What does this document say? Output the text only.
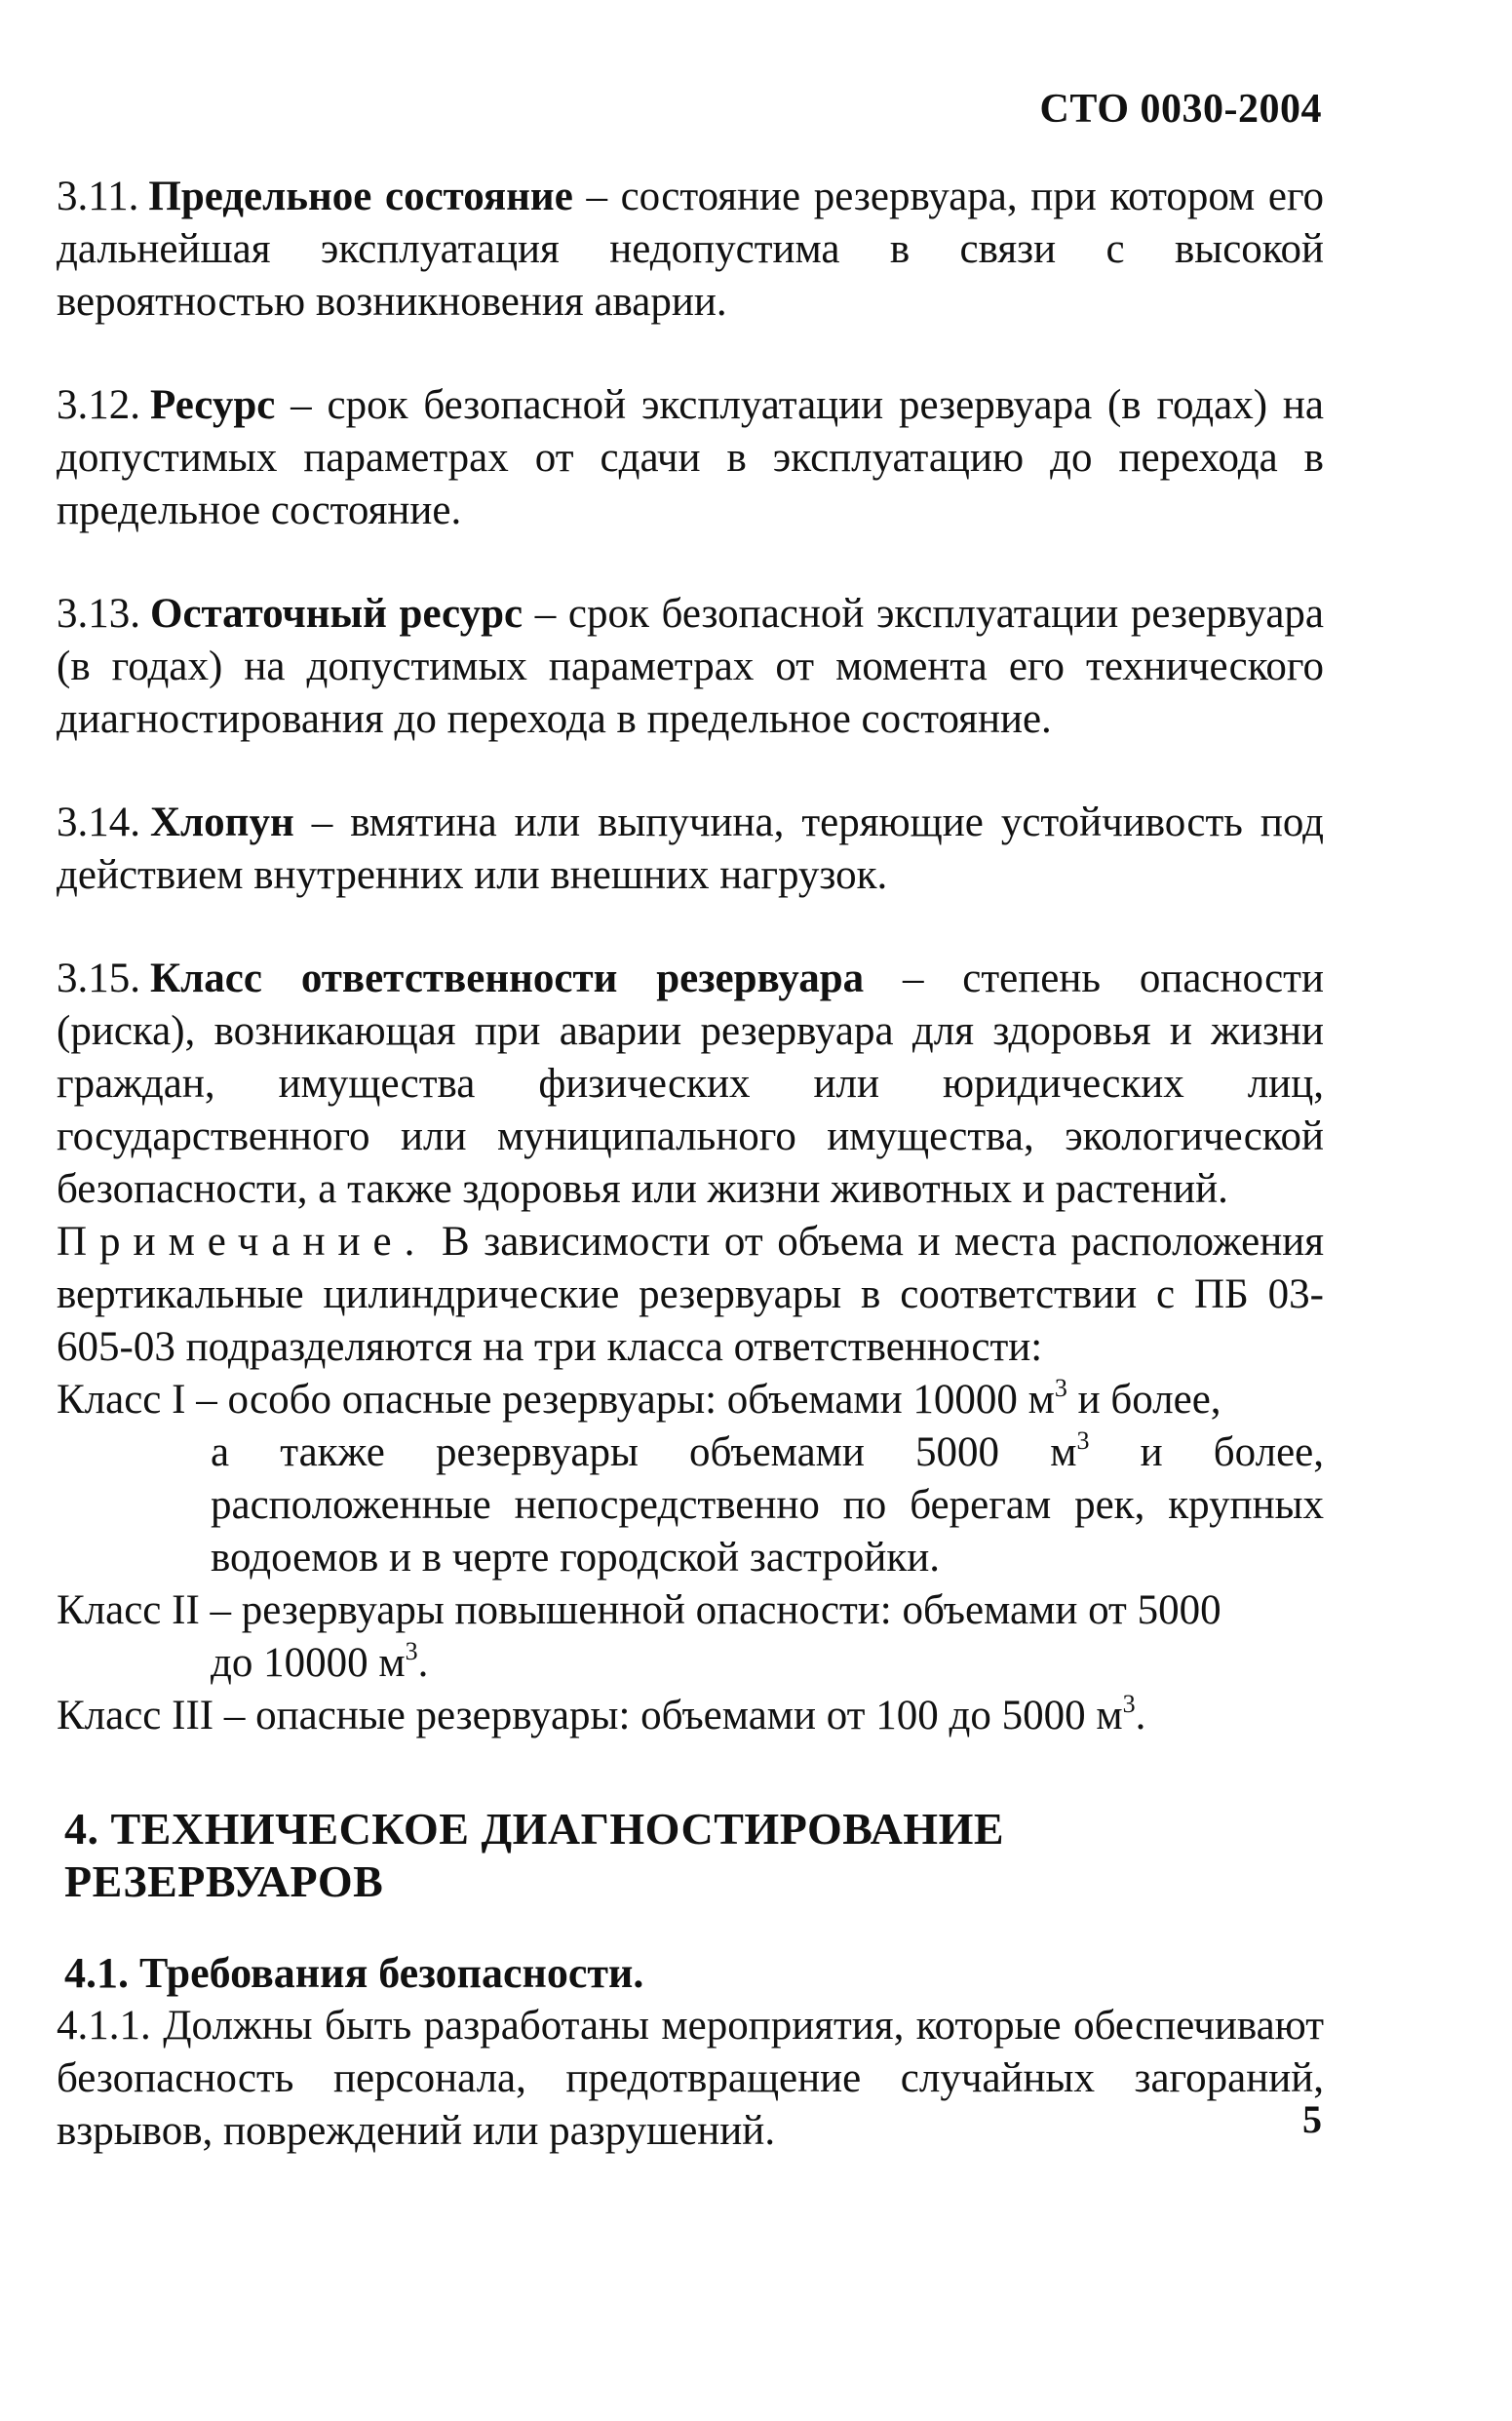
СТО 0030-2004

3.11. Предельное состояние – состояние резервуара, при котором его дальнейшая эксплуатация недопустима в связи с высокой вероятностью возникновения аварии.

3.12. Ресурс – срок безопасной эксплуатации резервуара (в годах) на допустимых параметрах от сдачи в эксплуатацию до перехода в предельное состояние.

3.13. Остаточный ресурс – срок безопасной эксплуатации резервуара (в годах) на допустимых параметрах от момента его технического диагностирования до перехода в предельное состояние.

3.14. Хлопун – вмятина или выпучина, теряющие устойчивость под действием внутренних или внешних нагрузок.

3.15. Класс ответственности резервуара – степень опасности (риска), возникающая при аварии резервуара для здоровья и жизни граждан, имущества физических или юридических лиц, государственного или муниципального имущества, экологической безопасности, а также здоровья или жизни животных и растений.

Примечание. В зависимости от объема и места расположения вертикальные цилиндрические резервуары в соответствии с ПБ 03-605-03 подразделяются на три класса ответственности:

Класс I – особо опасные резервуары: объемами 10000 $м^3$ и более,

а также резервуары объемами 5000 $м^3$ и более, расположенные непосредственно по берегам рек, крупных водоемов и в черте городской застройки.

Класс II – резервуары повышенной опасности: объемами от 5000

до 10000 $м^3$.

Класс III – опасные резервуары: объемами от 100 до 5000 $м^3$.

4. ТЕХНИЧЕСКОЕ ДИАГНОСТИРОВАНИЕ РЕЗЕРВУАРОВ
4.1. Требования безопасности.

4.1.1. Должны быть разработаны мероприятия, которые обеспечивают безопасность персонала, предотвращение случайных загораний, взрывов, повреждений или разрушений.	5
